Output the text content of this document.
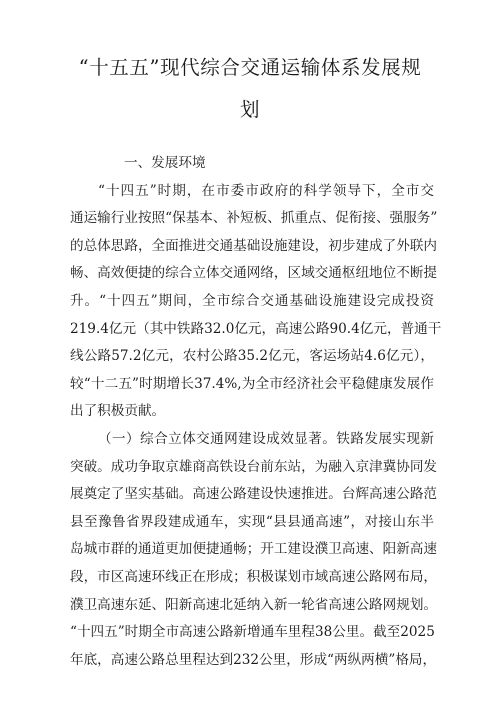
“十五五”现代综合交通运输体系发展规
划
一、发展环境
“十四五”时期，在市委市政府的科学领导下，全市交
通运输行业按照“保基本、补短板、抓重点、促衔接、强服务”
的总体思路，全面推进交通基础设施建设，初步建成了外联内
畅、高效便捷的综合立体交通网络，区域交通枢纽地位不断提
升。“十四五”期间，全市综合交通基础设施建设完成投资
219.4亿元（其中铁路32.0亿元，高速公路90.4亿元，普通干
线公路57.2亿元，农村公路35.2亿元，客运场站4.6亿元），
较“十二五”时期增长37.4%,为全市经济社会平稳健康发展作
出了积极贡献。
（一）综合立体交通网建设成效显著。铁路发展实现新
突破。成功争取京雄商高铁设台前东站，为融入京津冀协同发
展奠定了坚实基础。高速公路建设快速推进。台辉高速公路范
县至豫鲁省界段建成通车，实现“县县通高速”，对接山东半
岛城市群的通道更加便捷通畅；开工建设濮卫高速、阳新高速
段，市区高速环线正在形成；积极谋划市域高速公路网布局，
濮卫高速东延、阳新高速北延纳入新一轮省高速公路网规划。
“十四五”时期全市高速公路新增通车里程38公里。截至2025
年底，高速公路总里程达到232公里，形成“两纵两横”格局，
